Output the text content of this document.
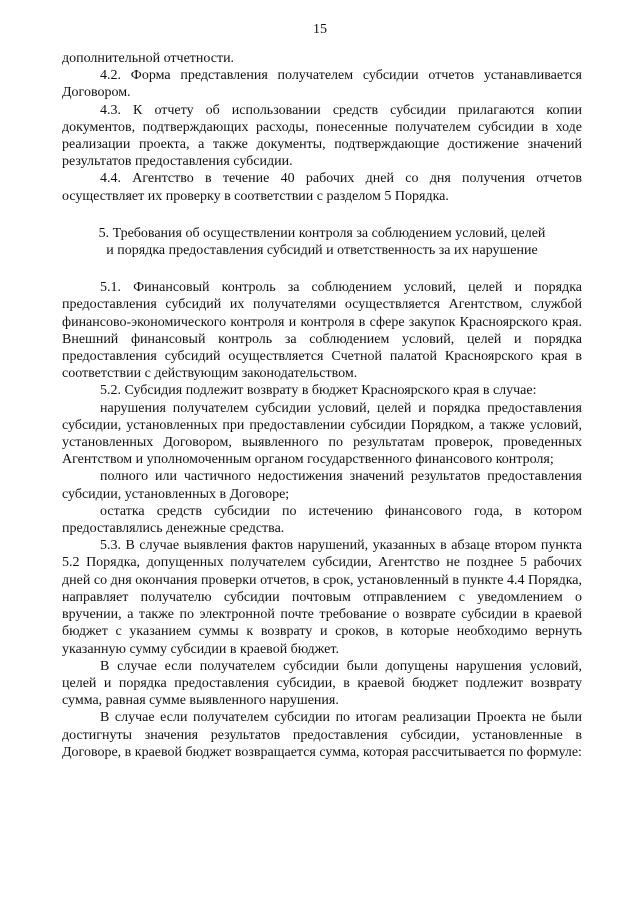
15

дополнительной отчетности.

4.2. Форма представления получателем субсидии отчетов устанавливается Договором.

4.3. К отчету об использовании средств субсидии прилагаются копии документов, подтверждающих расходы, понесенные получателем субсидии в ходе реализации проекта, а также документы, подтверждающие достижение значений результатов предоставления субсидии.

4.4. Агентство в течение 40 рабочих дней со дня получения отчетов осуществляет их проверку в соответствии с разделом 5 Порядка.

5. Требования об осуществлении контроля за соблюдением условий, целей
и порядка предоставления субсидий и ответственность за их нарушение

5.1. Финансовый контроль за соблюдением условий, целей и порядка предоставления субсидий их получателями осуществляется Агентством, службой финансово-экономического контроля и контроля в сфере закупок Красноярского края. Внешний финансовый контроль за соблюдением условий, целей и порядка предоставления субсидий осуществляется Счетной палатой Красноярского края в соответствии с действующим законодательством.

5.2. Субсидия подлежит возврату в бюджет Красноярского края в случае:

нарушения получателем субсидии условий, целей и порядка предоставления субсидии, установленных при предоставлении субсидии Порядком, а также условий, установленных Договором, выявленного по результатам проверок, проведенных Агентством и уполномоченным органом государственного финансового контроля;

полного или частичного недостижения значений результатов предоставления субсидии, установленных в Договоре;

остатка средств субсидии по истечению финансового года, в котором предоставлялись денежные средства.

5.3. В случае выявления фактов нарушений, указанных в абзаце втором пункта 5.2 Порядка, допущенных получателем субсидии, Агентство не позднее 5 рабочих дней со дня окончания проверки отчетов, в срок, установленный в пункте 4.4 Порядка, направляет получателю субсидии почтовым отправлением с уведомлением о вручении, а также по электронной почте требование о возврате субсидии в краевой бюджет с указанием суммы к возврату и сроков, в которые необходимо вернуть указанную сумму субсидии в краевой бюджет.

В случае если получателем субсидии были допущены нарушения условий, целей и порядка предоставления субсидии, в краевой бюджет подлежит возврату сумма, равная сумме выявленного нарушения.

В случае если получателем субсидии по итогам реализации Проекта не были достигнуты значения результатов предоставления субсидии, установленные в Договоре, в краевой бюджет возвращается сумма, которая рассчитывается по формуле:
